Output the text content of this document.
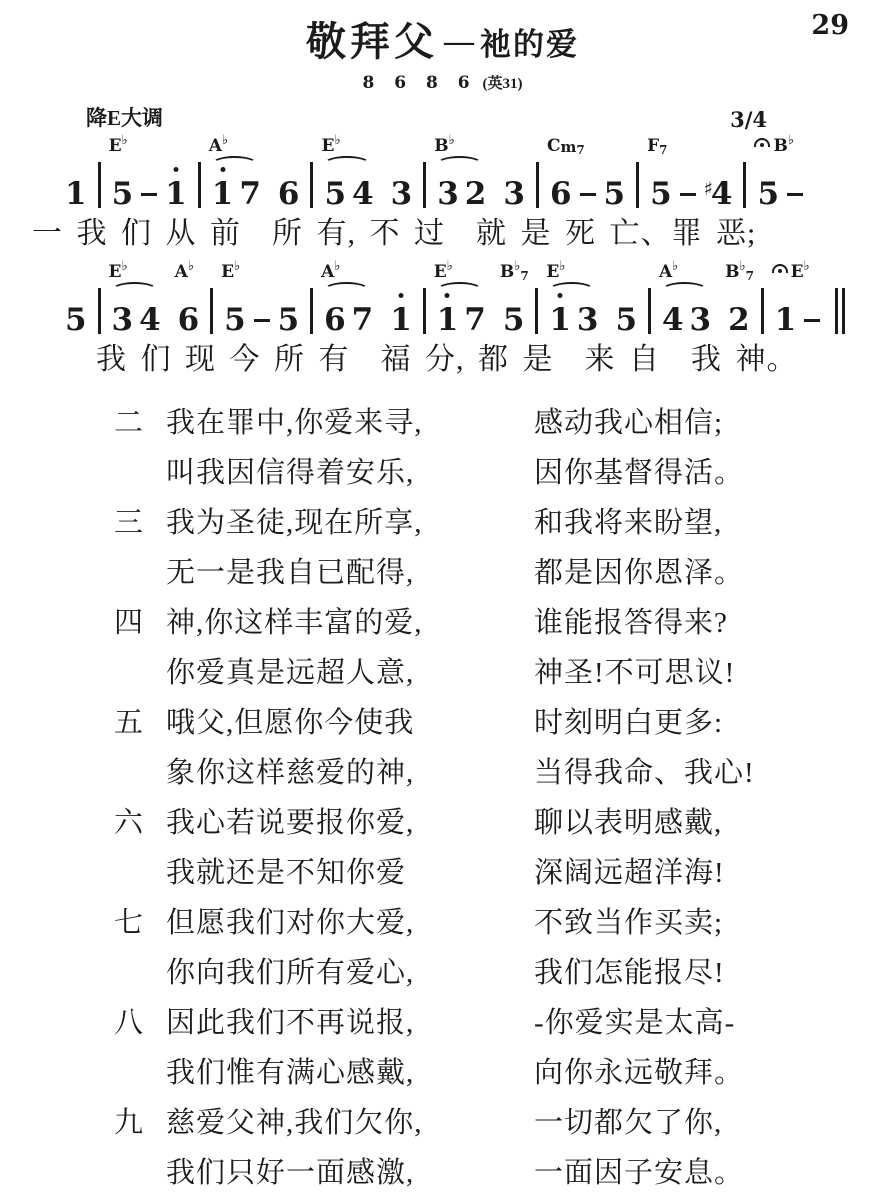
敬拜父 — 祂的爱
29
8 6 8 6 (英31)
降E大调	3/4
1
E ♭
5 1
A ♭
1 7 6
E ♭
5 4 3
B ♭
3 2 3
C m 7
6 5
F 7
5 ♯4
B ♭
5
一 我 们 从 前　所 有, 不 过　就 是 死 亡、罪 恶;
5
E ♭
3 4
A ♭
6
E ♭
5 5
A ♭
6 7 1
E ♭
1 7
B ♭
7
5
E ♭
1 3 5
A ♭
4 3
B ♭
7
2
E ♭
1
我 们 现 今 所 有　福 分, 都 是　来 自　我 神。
二 我在罪中,你爱来寻,	感动我心相信;
叫我因信得着安乐,	因你基督得活。
三 我为圣徒,现在所享,	和我将来盼望,
无一是我自已配得,	都是因你恩泽。
四 神,你这样丰富的爱,	谁能报答得来?
你爱真是远超人意,	神圣!不可思议!
五 哦父,但愿你今使我	时刻明白更多:
象你这样慈爱的神,	当得我命、我心!
六 我心若说要报你爱,	聊以表明感戴,
我就还是不知你爱	深阔远超洋海!
七 但愿我们对你大爱,	不致当作买卖;
你向我们所有爱心,	我们怎能报尽!
八 因此我们不再说报,	-你爱实是太高-
我们惟有满心感戴,	向你永远敬拜。
九 慈爱父神,我们欠你,	一切都欠了你,
我们只好一面感激,	一面因子安息。
